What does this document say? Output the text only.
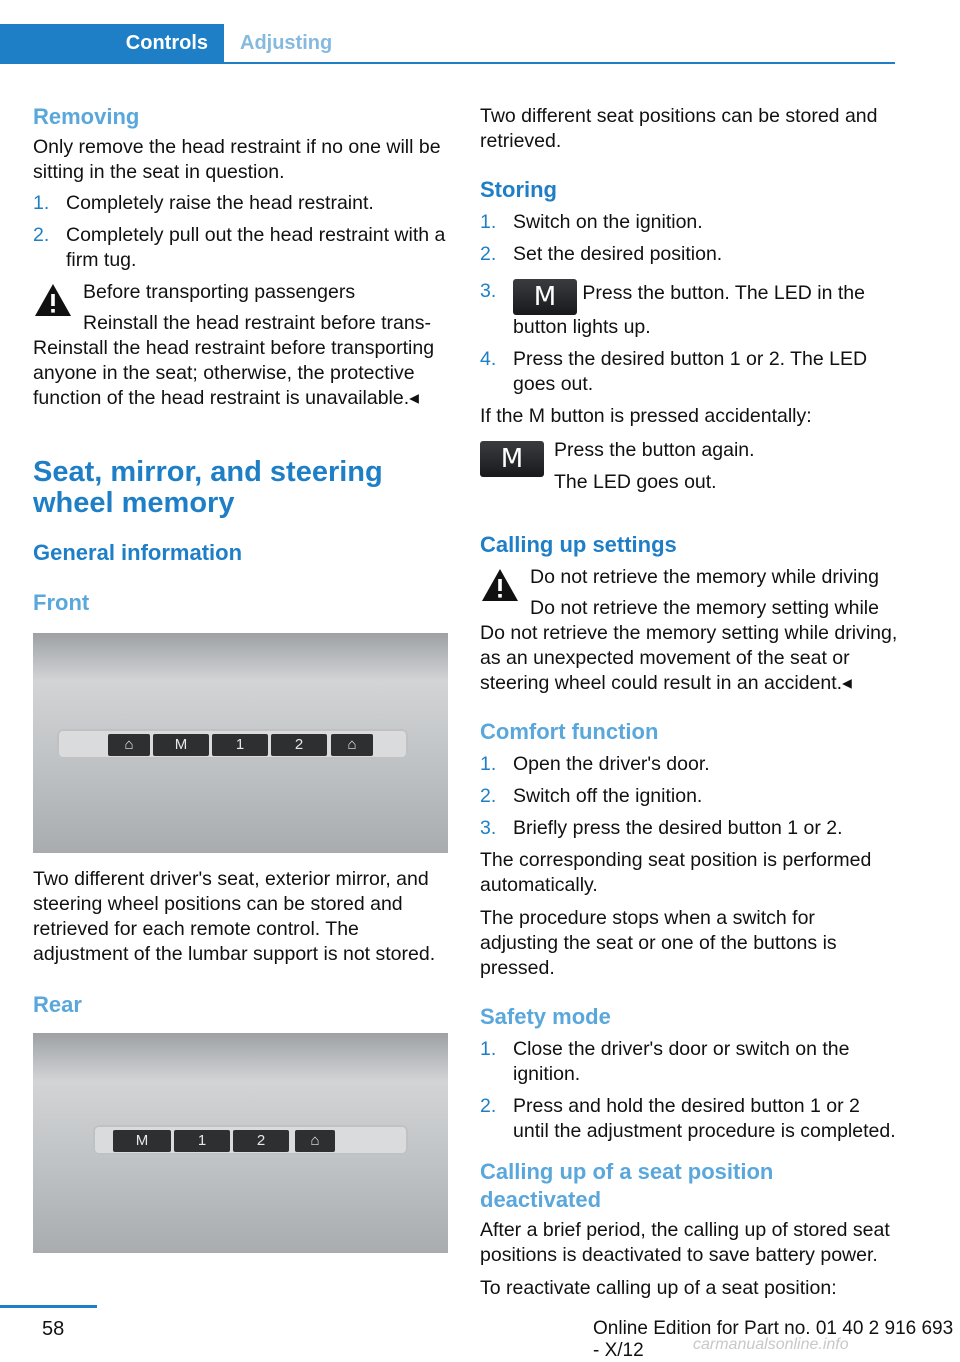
Controls	Adjusting

Removing

Only remove the head restraint if no one will be sitting in the seat in question.

1. Completely raise the head restraint.
2. Completely pull out the head restraint with a firm tug.
Before transporting passengers
Reinstall the head restraint before trans-
Reinstall the head restraint before transporting anyone in the seat; otherwise, the protective function of the head restraint is unavailable.◂

Seat, mirror, and steering wheel memory

General information

Front

⌂	M	1	2	⌂

Two different driver's seat, exterior mirror, and steering wheel positions can be stored and retrieved for each remote control. The adjustment of the lumbar support is not stored.

Rear

M	1	2	⌂

Two different seat positions can be stored and retrieved.

Storing

1. Switch on the ignition.
2. Set the desired position.
3. M Press the button. The LED in the button lights up.
4. Press the desired button 1 or 2. The LED goes out.

If the M button is pressed accidentally:

M	Press the button again.
The LED goes out.

Calling up settings

Do not retrieve the memory while driving
Do not retrieve the memory setting while
Do not retrieve the memory setting while driving, as an unexpected movement of the seat or steering wheel could result in an accident.◂

Comfort function

1. Open the driver's door.
2. Switch off the ignition.
3. Briefly press the desired button 1 or 2.

The corresponding seat position is performed automatically.

The procedure stops when a switch for adjusting the seat or one of the buttons is pressed.

Safety mode

1. Close the driver's door or switch on the ignition.
2. Press and hold the desired button 1 or 2 until the adjustment procedure is completed.

Calling up of a seat position deactivated

After a brief period, the calling up of stored seat positions is deactivated to save battery power.

To reactivate calling up of a seat position:

58	Online Edition for Part no. 01 40 2 916 693 - X/12	carmanualsonline.info
